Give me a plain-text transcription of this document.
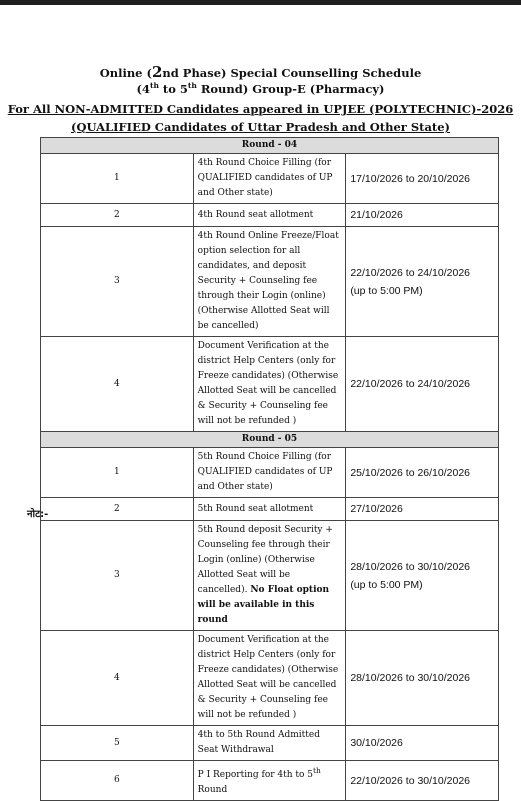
Online (2nd Phase) Special Counselling Schedule
(4th to 5th Round) Group-E (Pharmacy)
For All NON-ADMITTED Candidates appeared in UPJEE (POLYTECHNIC)-2026
(QUALIFIED Candidates of Uttar Pradesh and Other State)
Round - 04		
1	4th Round Choice Filling (for QUALIFIED candidates of UP and Other state)	17/10/2026 to 20/10/2026
2	4th Round seat allotment	21/10/2026
3	4th Round Online Freeze/Float option selection for all candidates, and deposit Security + Counseling fee through their Login (online) (Otherwise Allotted Seat will be cancelled)	22/10/2026 to 24/10/2026
(up to 5:00 PM)
4	Document Verification at the district Help Centers (only for Freeze candidates) (Otherwise Allotted Seat will be cancelled & Security + Counseling fee will not be refunded )	22/10/2026 to 24/10/2026
Round - 05		
1	5th Round Choice Filling (for QUALIFIED candidates of UP and Other state)	25/10/2026 to 26/10/2026
2	5th Round seat allotment	27/10/2026
3	5th Round deposit Security + Counseling fee through their Login (online) (Otherwise Allotted Seat will be cancelled). No Float option will be available in this round	28/10/2026 to 30/10/2026
(up to 5:00 PM)
4	Document Verification at the district Help Centers (only for Freeze candidates) (Otherwise Allotted Seat will be cancelled & Security + Counseling fee will not be refunded )	28/10/2026 to 30/10/2026
5	4th to 5th Round Admitted Seat Withdrawal	30/10/2026
6	P I Reporting for 4th to 5th Round	22/10/2026 to 30/10/2026
नोट:-
